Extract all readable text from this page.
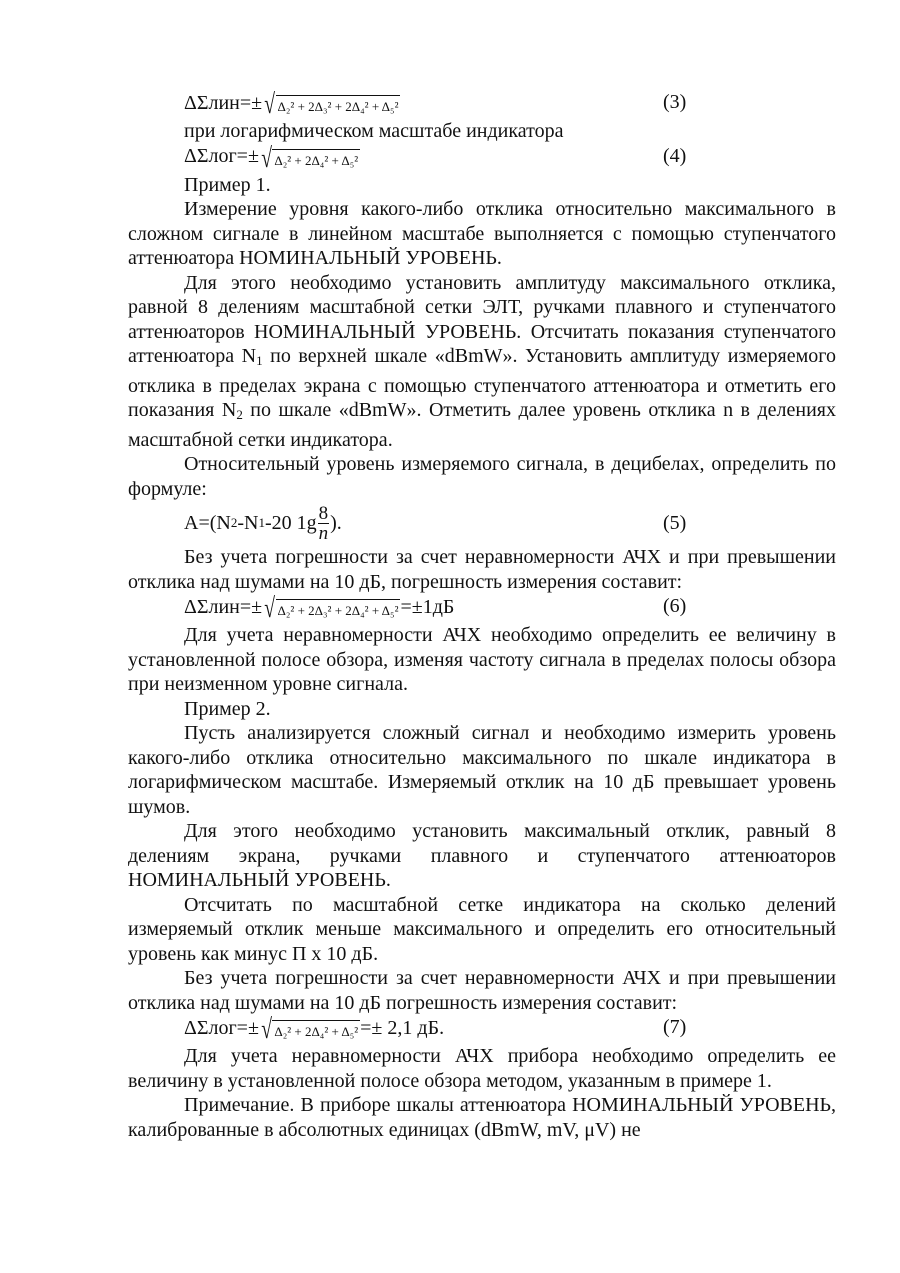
ΔΣлин=± √ Δ₂² + 2Δ₃² + 2Δ₄² + Δ₅²	(3)

при логарифмическом масштабе индикатора

ΔΣлог=± √ Δ₂² + 2Δ₄² + Δ₅²	(4)

Пример 1.

Измерение уровня какого-либо отклика относительно максимального в сложном сигнале в линейном масштабе выполняется с помощью ступенчатого аттенюатора НОМИНАЛЬНЫЙ УРОВЕНЬ.

Для этого необходимо установить амплитуду максимального отклика, равной 8 делениям масштабной сетки ЭЛТ, ручками плавного и ступенчатого аттенюаторов НОМИНАЛЬНЫЙ УРОВЕНЬ. Отсчитать показания ступенчатого аттенюатора $N_1$ по верхней шкале «dBmW». Установить амплитуду измеряемого отклика в пределах экрана с помощью ступенчатого аттенюатора и отметить его показания $N_2$ по шкале «dBmW». Отметить далее уровень отклика n в делениях масштабной сетки индикатора.

Относительный уровень измеряемого сигнала, в децибелах, определить по формуле:

A=(N 2 -N 1 -20 $1g \frac{8}{n}$ ).	(5)

Без учета погрешности за счет неравномерности АЧХ и при превышении отклика над шумами на 10 дБ, погрешность измерения составит:

ΔΣлин=± √ Δ₂² + 2Δ₃² + 2Δ₄² + Δ₅² =±1дБ	(6)

Для учета неравномерности АЧХ необходимо определить ее величину в установленной полосе обзора, изменяя частоту сигнала в пределах полосы обзора при неизменном уровне сигнала.

Пример 2.

Пусть анализируется сложный сигнал и необходимо измерить уровень какого-либо отклика относительно максимального по шкале индикатора в логарифмическом масштабе. Измеряемый отклик на 10 дБ превышает уровень шумов.

Для этого необходимо установить максимальный отклик, равный 8 делениям экрана, ручками плавного и ступенчатого аттенюаторов НОМИНАЛЬНЫЙ УРОВЕНЬ.

Отсчитать по масштабной сетке индикатора на сколько делений измеряемый отклик меньше максимального и определить его относительный уровень как минус П х 10 дБ.

Без учета погрешности за счет неравномерности АЧХ и при превышении отклика над шумами на 10 дБ погрешность измерения составит:

ΔΣлог=± √ Δ₂² + 2Δ₄² + Δ₅² =± 2,1 дБ.	(7)

Для учета неравномерности АЧХ прибора необходимо определить ее величину в установленной полосе обзора методом, указанным в примере 1.

Примечание. В приборе шкалы аттенюатора НОМИНАЛЬНЫЙ УРОВЕНЬ, калиброванные в абсолютных единицах (dBmW, mV, μV) не
